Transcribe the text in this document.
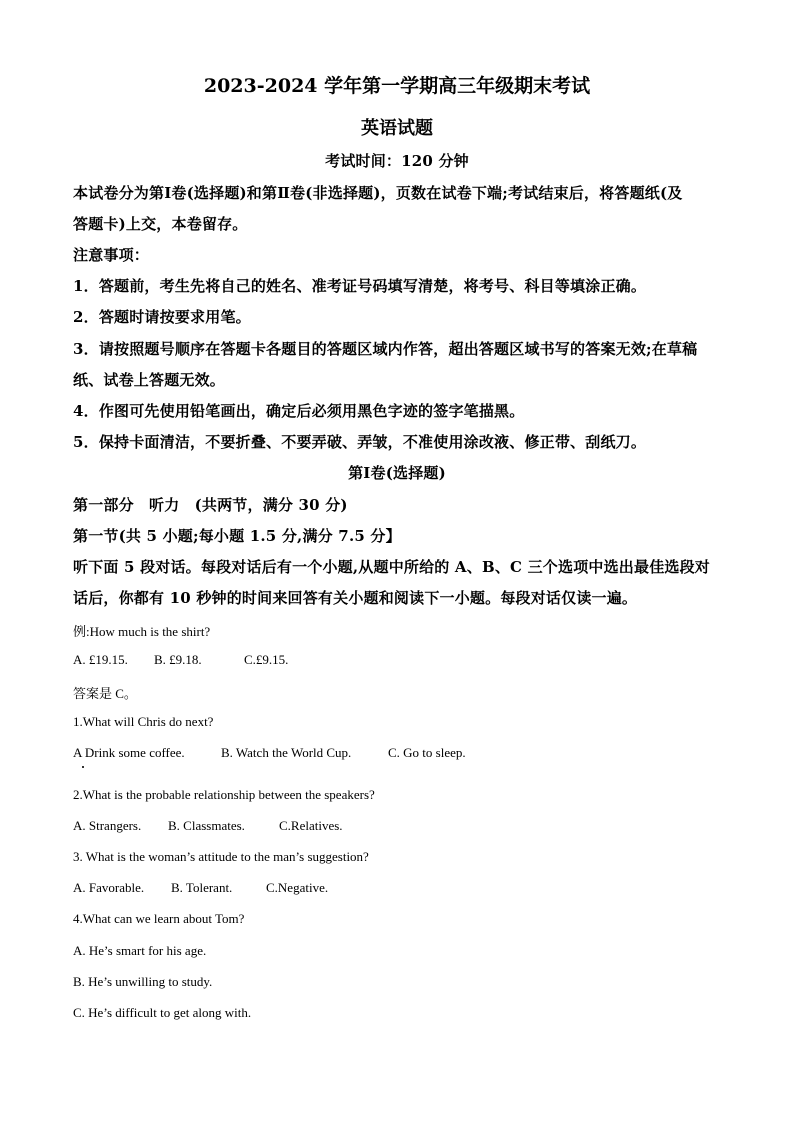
2023-2024 学年第一学期高三年级期末考试
英语试题
考试时间：120 分钟
本试卷分为第Ⅰ卷(选择题)和第Ⅱ卷(非选择题)，页数在试卷下端;考试结束后，将答题纸(及
答题卡)上交，本卷留存。
注意事项：
1．答题前，考生先将自己的姓名、准考证号码填写清楚，将考号、科目等填涂正确。
2．答题时请按要求用笔。
3．请按照题号顺序在答题卡各题目的答题区域内作答，超出答题区域书写的答案无效;在草稿
纸、试卷上答题无效。
4．作图可先使用铅笔画出，确定后必须用黑色字迹的签字笔描黑。
5．保持卡面清洁，不要折叠、不要弄破、弄皱，不准使用涂改液、修正带、刮纸刀。
第Ⅰ卷(选择题)
第一部分　听力　(共两节，满分 30 分)
第一节(共 5 小题;每小题 1.5 分,满分 7.5 分】
听下面 5 段对话。每段对话后有一个小题,从题中所给的 A、B、C 三个选项中选出最佳选段对
话后，你都有 10 秒钟的时间来回答有关小题和阅读下一小题。每段对话仅读一遍。
例:How much is the shirt?
A. £19.15. B. £9.18.	C.£9.15.
答案是 C。
1.What will Chris do next?
A Drink some coffee.	B. Watch the World Cup.	C. Go to sleep.
2.What is the probable relationship between the speakers?
A. Strangers. B. Classmates.	C.Relatives.
3. What is the woman’s attitude to the man’s suggestion?
A. Favorable. B. Tolerant.	C.Negative.
4.What can we learn about Tom?
A. He’s smart for his age.
B. He’s unwilling to study.
C. He’s difficult to get along with.
